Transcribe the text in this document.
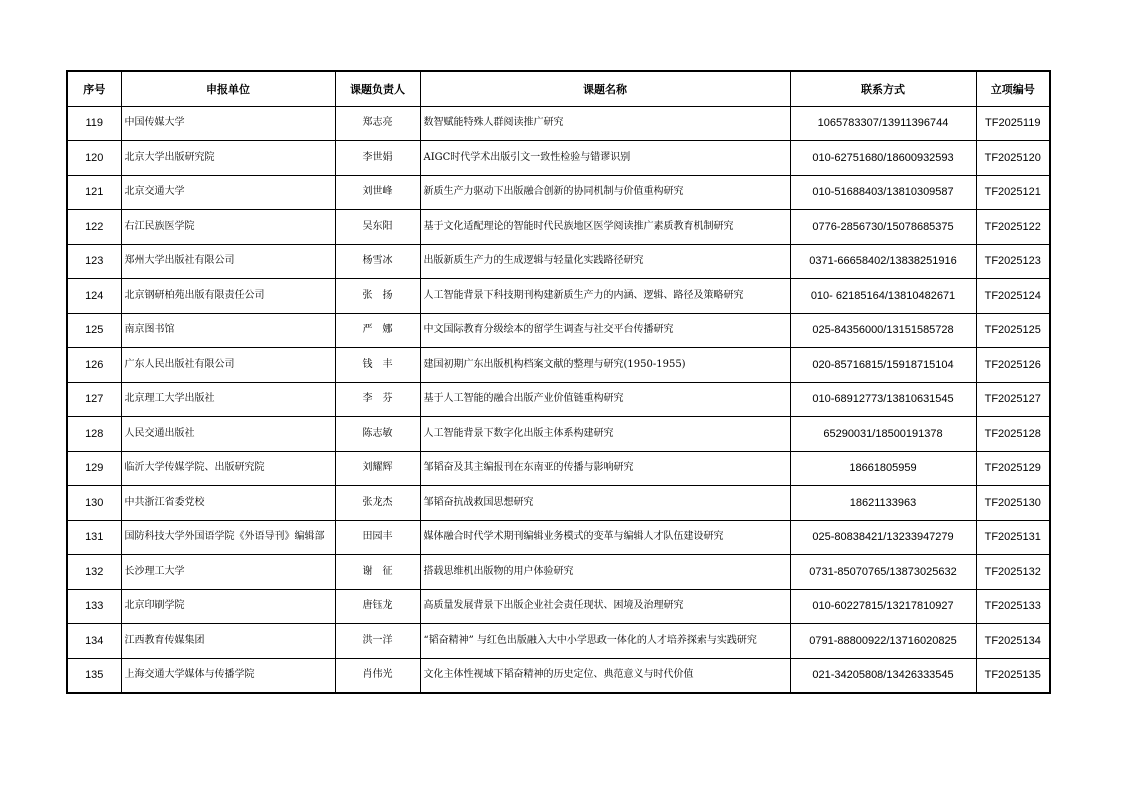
序号	申报单位	课题负责人	课题名称	联系方式	立项编号
119	中国传媒大学	郑志亮	数智赋能特殊人群阅读推广研究	1065783307/13911396744	TF2025119
120	北京大学出版研究院	李世娟	AIGC时代学术出版引文一致性检验与错谬识别	010-62751680/18600932593	TF2025120
121	北京交通大学	刘世峰	新质生产力驱动下出版融合创新的协同机制与价值重构研究	010-51688403/13810309587	TF2025121
122	右江民族医学院	吴东阳	基于文化适配理论的智能时代民族地区医学阅读推广素质教育机制研究	0776-2856730/15078685375	TF2025122
123	郑州大学出版社有限公司	杨雪冰	出版新质生产力的生成逻辑与轻量化实践路径研究	0371-66658402/13838251916	TF2025123
124	北京钢研柏苑出版有限责任公司	张　扬	人工智能背景下科技期刊构建新质生产力的内涵、逻辑、路径及策略研究	010- 62185164/13810482671	TF2025124
125	南京图书馆	严　娜	中文国际教育分级绘本的留学生调查与社交平台传播研究	025-84356000/13151585728	TF2025125
126	广东人民出版社有限公司	钱　丰	建国初期广东出版机构档案文献的整理与研究(1950-1955)	020-85716815/15918715104	TF2025126
127	北京理工大学出版社	李　芬	基于人工智能的融合出版产业价值链重构研究	010-68912773/13810631545	TF2025127
128	人民交通出版社	陈志敏	人工智能背景下数字化出版主体系构建研究	65290031/18500191378	TF2025128
129	临沂大学传媒学院、出版研究院	刘耀辉	邹韬奋及其主编报刊在东南亚的传播与影响研究	18661805959	TF2025129
130	中共浙江省委党校	张龙杰	邹韬奋抗战救国思想研究	18621133963	TF2025130
131	国防科技大学外国语学院《外语导刊》编辑部	田园丰	媒体融合时代学术期刊编辑业务模式的变革与编辑人才队伍建设研究	025-80838421/13233947279	TF2025131
132	长沙理工大学	谢　征	搭载思维机出版物的用户体验研究	0731-85070765/13873025632	TF2025132
133	北京印刷学院	唐钰龙	高质量发展背景下出版企业社会责任现状、困境及治理研究	010-60227815/13217810927	TF2025133
134	江西教育传媒集团	洪一洋	“韬奋精神” 与红色出版融入大中小学思政一体化的人才培养探索与实践研究	0791-88800922/13716020825	TF2025134
135	上海交通大学媒体与传播学院	肖伟光	文化主体性视域下韬奋精神的历史定位、典范意义与时代价值	021-34205808/13426333545	TF2025135
